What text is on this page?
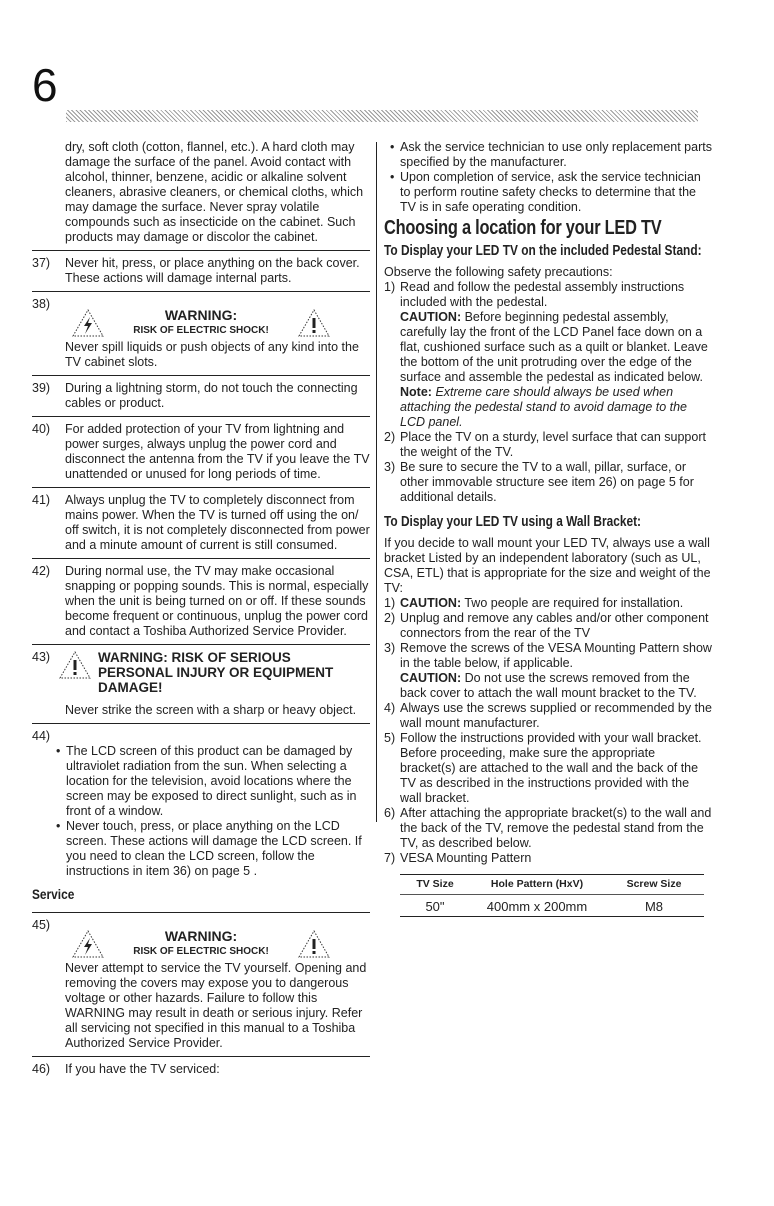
6

dry, soft cloth (cotton, flannel, etc.). A hard cloth may damage the surface of the panel. Avoid contact with alcohol, thinner, benzene, acidic or alkaline solvent cleaners, abrasive cleaners, or chemical cloths, which may damage the surface. Never spray volatile compounds such as insecticide on the cabinet. Such products may damage or discolor the cabinet.

37)	Never hit, press, or place anything on the back cover. These actions will damage internal parts.
38)
WARNING:
RISK OF ELECTRIC SHOCK!

Never spill liquids or push objects of any kind into the TV cabinet slots.

39)	During a lightning storm, do not touch the connecting cables or product.
40)	For added protection of your TV from lightning and power surges, always unplug the power cord and disconnect the antenna from the TV if you leave the TV unattended or unused for long periods of time.
41)	Always unplug the TV to completely disconnect from mains power. When the TV is turned off using the on/ off switch, it is not completely disconnected from power and a minute amount of current is still consumed.
42)	During normal use, the TV may make occasional snapping or popping sounds. This is normal, especially when the unit is being turned on or off. If these sounds become frequent or continuous, unplug the power cord and contact a Toshiba Authorized Service Provider.
43)	WARNING: RISK OF SERIOUS PERSONAL INJURY OR EQUIPMENT DAMAGE!

Never strike the screen with a sharp or heavy object.

44)
• The LCD screen of this product can be damaged by ultraviolet radiation from the sun. When selecting a location for the television, avoid locations where the screen may be exposed to direct sunlight, such as in front of a window.
• Never touch, press, or place anything on the LCD screen. These actions will damage the LCD screen. If you need to clean the LCD screen, follow the instructions in item 36) on page 5 .
Service
45)
WARNING:
RISK OF ELECTRIC SHOCK!

Never attempt to service the TV yourself. Opening and removing the covers may expose you to dangerous voltage or other hazards. Failure to follow this WARNING may result in death or serious injury. Refer all servicing not specified in this manual to a Toshiba Authorized Service Provider.

46)	If you have the TV serviced:
• Ask the service technician to use only replacement parts specified by the manufacturer.
• Upon completion of service, ask the service technician to perform routine safety checks to determine that the TV is in safe operating condition.
Choosing a location for your LED TV
To Display your LED TV on the included Pedestal Stand:

Observe the following safety precautions:

1) Read and follow the pedestal assembly instructions included with the pedestal.

CAUTION: Before beginning pedestal assembly, carefully lay the front of the LCD Panel face down on a flat, cushioned surface such as a quilt or blanket. Leave the bottom of the unit protruding over the edge of the surface and assemble the pedestal as indicated below.

Note: Extreme care should always be used when attaching the pedestal stand to avoid damage to the LCD panel.

2) Place the TV on a sturdy, level surface that can support the weight of the TV.
3) Be sure to secure the TV to a wall, pillar, surface, or other immovable structure see item 26) on page 5 for additional details.
To Display your LED TV using a Wall Bracket:

If you decide to wall mount your LED TV, always use a wall bracket Listed by an independent laboratory (such as UL, CSA, ETL) that is appropriate for the size and weight of the TV:

1) CAUTION: Two people are required for installation.
2) Unplug and remove any cables and/or other component connectors from the rear of the TV
3) Remove the screws of the VESA Mounting Pattern show in the table below, if applicable.

CAUTION: Do not use the screws removed from the back cover to attach the wall mount bracket to the TV.

4) Always use the screws supplied or recommended by the wall mount manufacturer.
5) Follow the instructions provided with your wall bracket. Before proceeding, make sure the appropriate bracket(s) are attached to the wall and the back of the TV as described in the instructions provided with the wall bracket.
6) After attaching the appropriate bracket(s) to the wall and the back of the TV, remove the pedestal stand from the TV, as described below.
7) VESA Mounting Pattern
TV Size	Hole Pattern (HxV)	Screw Size
50"	400mm x 200mm	M8
